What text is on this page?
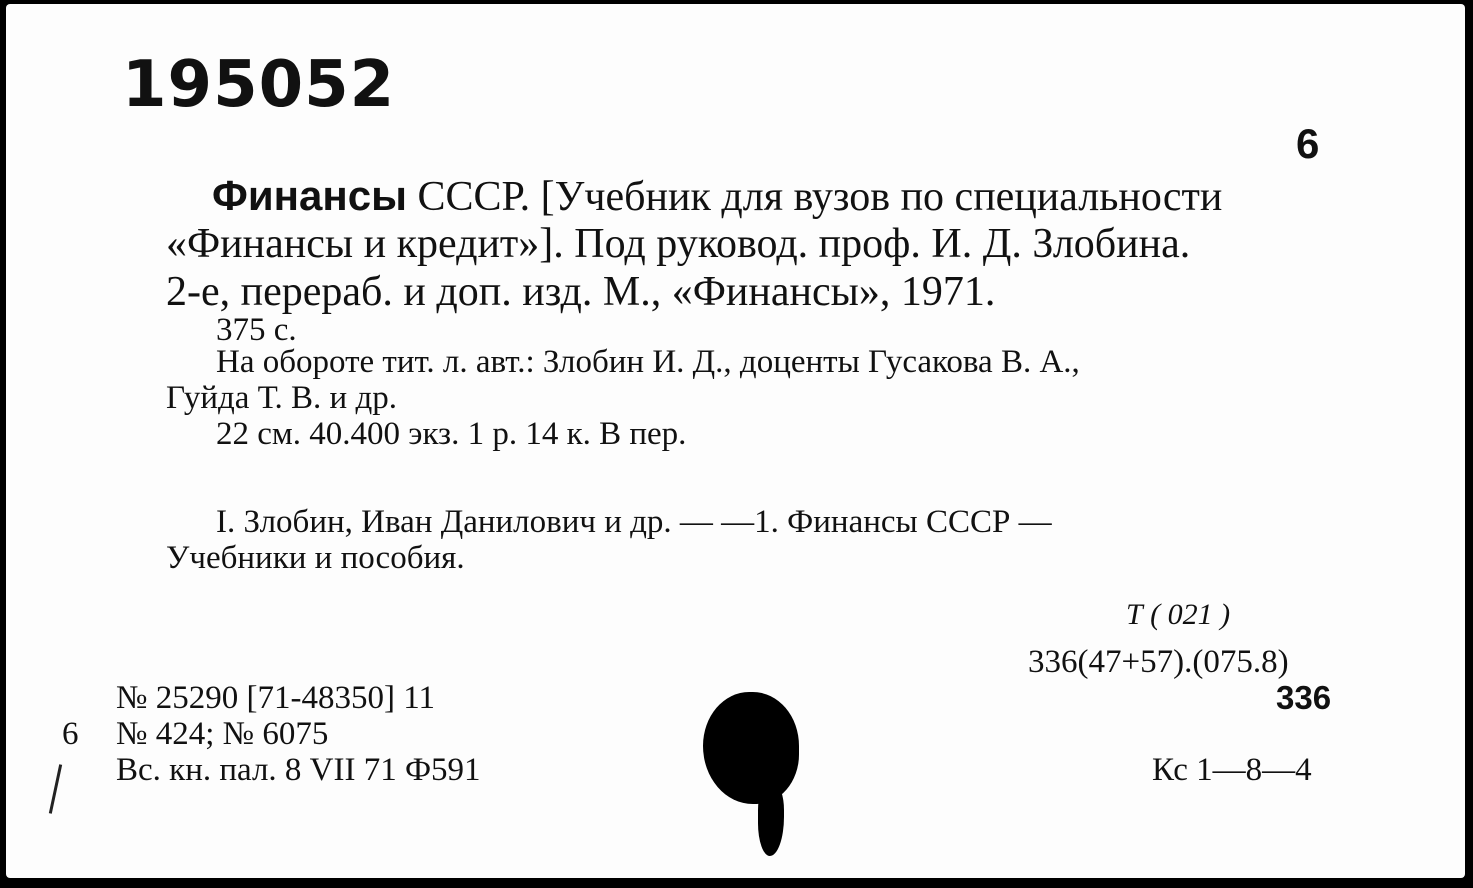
195052
6
Финансы СССР. [Учебник для вузов по специальности
«Финансы и кредит»]. Под руковод. проф. И. Д. Злобина.
2-е, перераб. и доп. изд. М., «Финансы», 1971.
375 с.
На обороте тит. л. авт.: Злобин И. Д., доценты Гусакова В. А.,
Гуйда Т. В. и др.
22 см. 40.400 экз. 1 р. 14 к. В пер.
I. Злобин, Иван Данилович и др. — —1. Финансы СССР —
Учебники и пособия.
Т ( 021 )
336(47+57).(075.8)
336
№ 25290 [71-48350] 11
6 № 424; № 6075
Вс. кн. пал. 8 VII 71 Ф591	Кс 1—8—4
